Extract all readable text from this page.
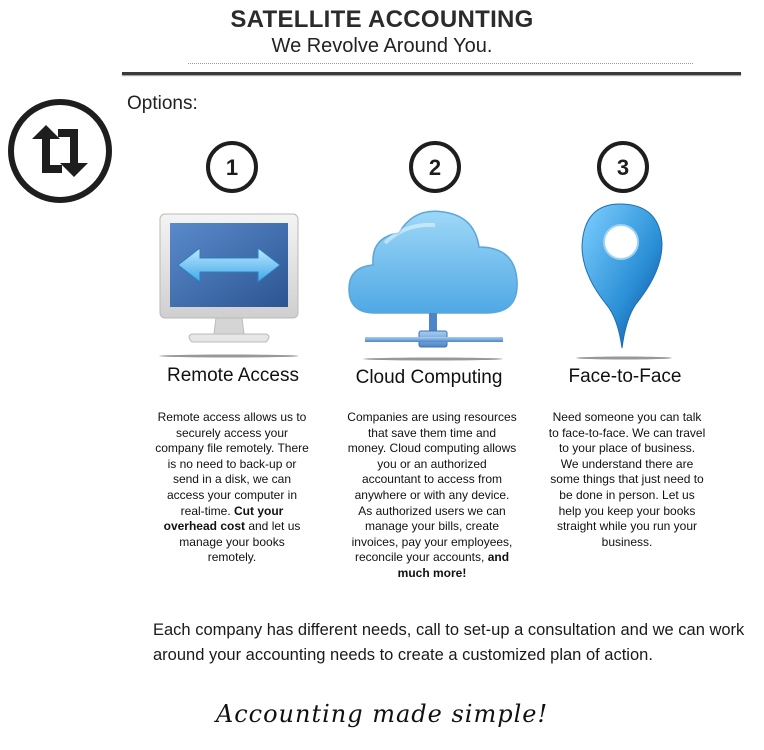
SATELLITE ACCOUNTING
We Revolve Around You.
Options:
1	2	3
Remote Access	Cloud Computing	Face-to-Face
Remote access allows us to
securely access your
company file remotely. There
is no need to back-up or
send in a disk, we can
access your computer in
real-time. Cut your
overhead cost and let us
manage your books
remotely.
Companies are using resources
that save them time and
money. Cloud computing allows
you or an authorized
accountant to access from
anywhere or with any device.
As authorized users we can
manage your bills, create
invoices, pay your employees,
reconcile your accounts, and
much more!
Need someone you can talk
to face-to-face. We can travel
to your place of business.
We understand there are
some things that just need to
be done in person. Let us
help you keep your books
straight while you run your
business.
Each company has different needs, call to set-up a consultation and we can work
around your accounting needs to create a customized plan of action.
Accounting made simple!
